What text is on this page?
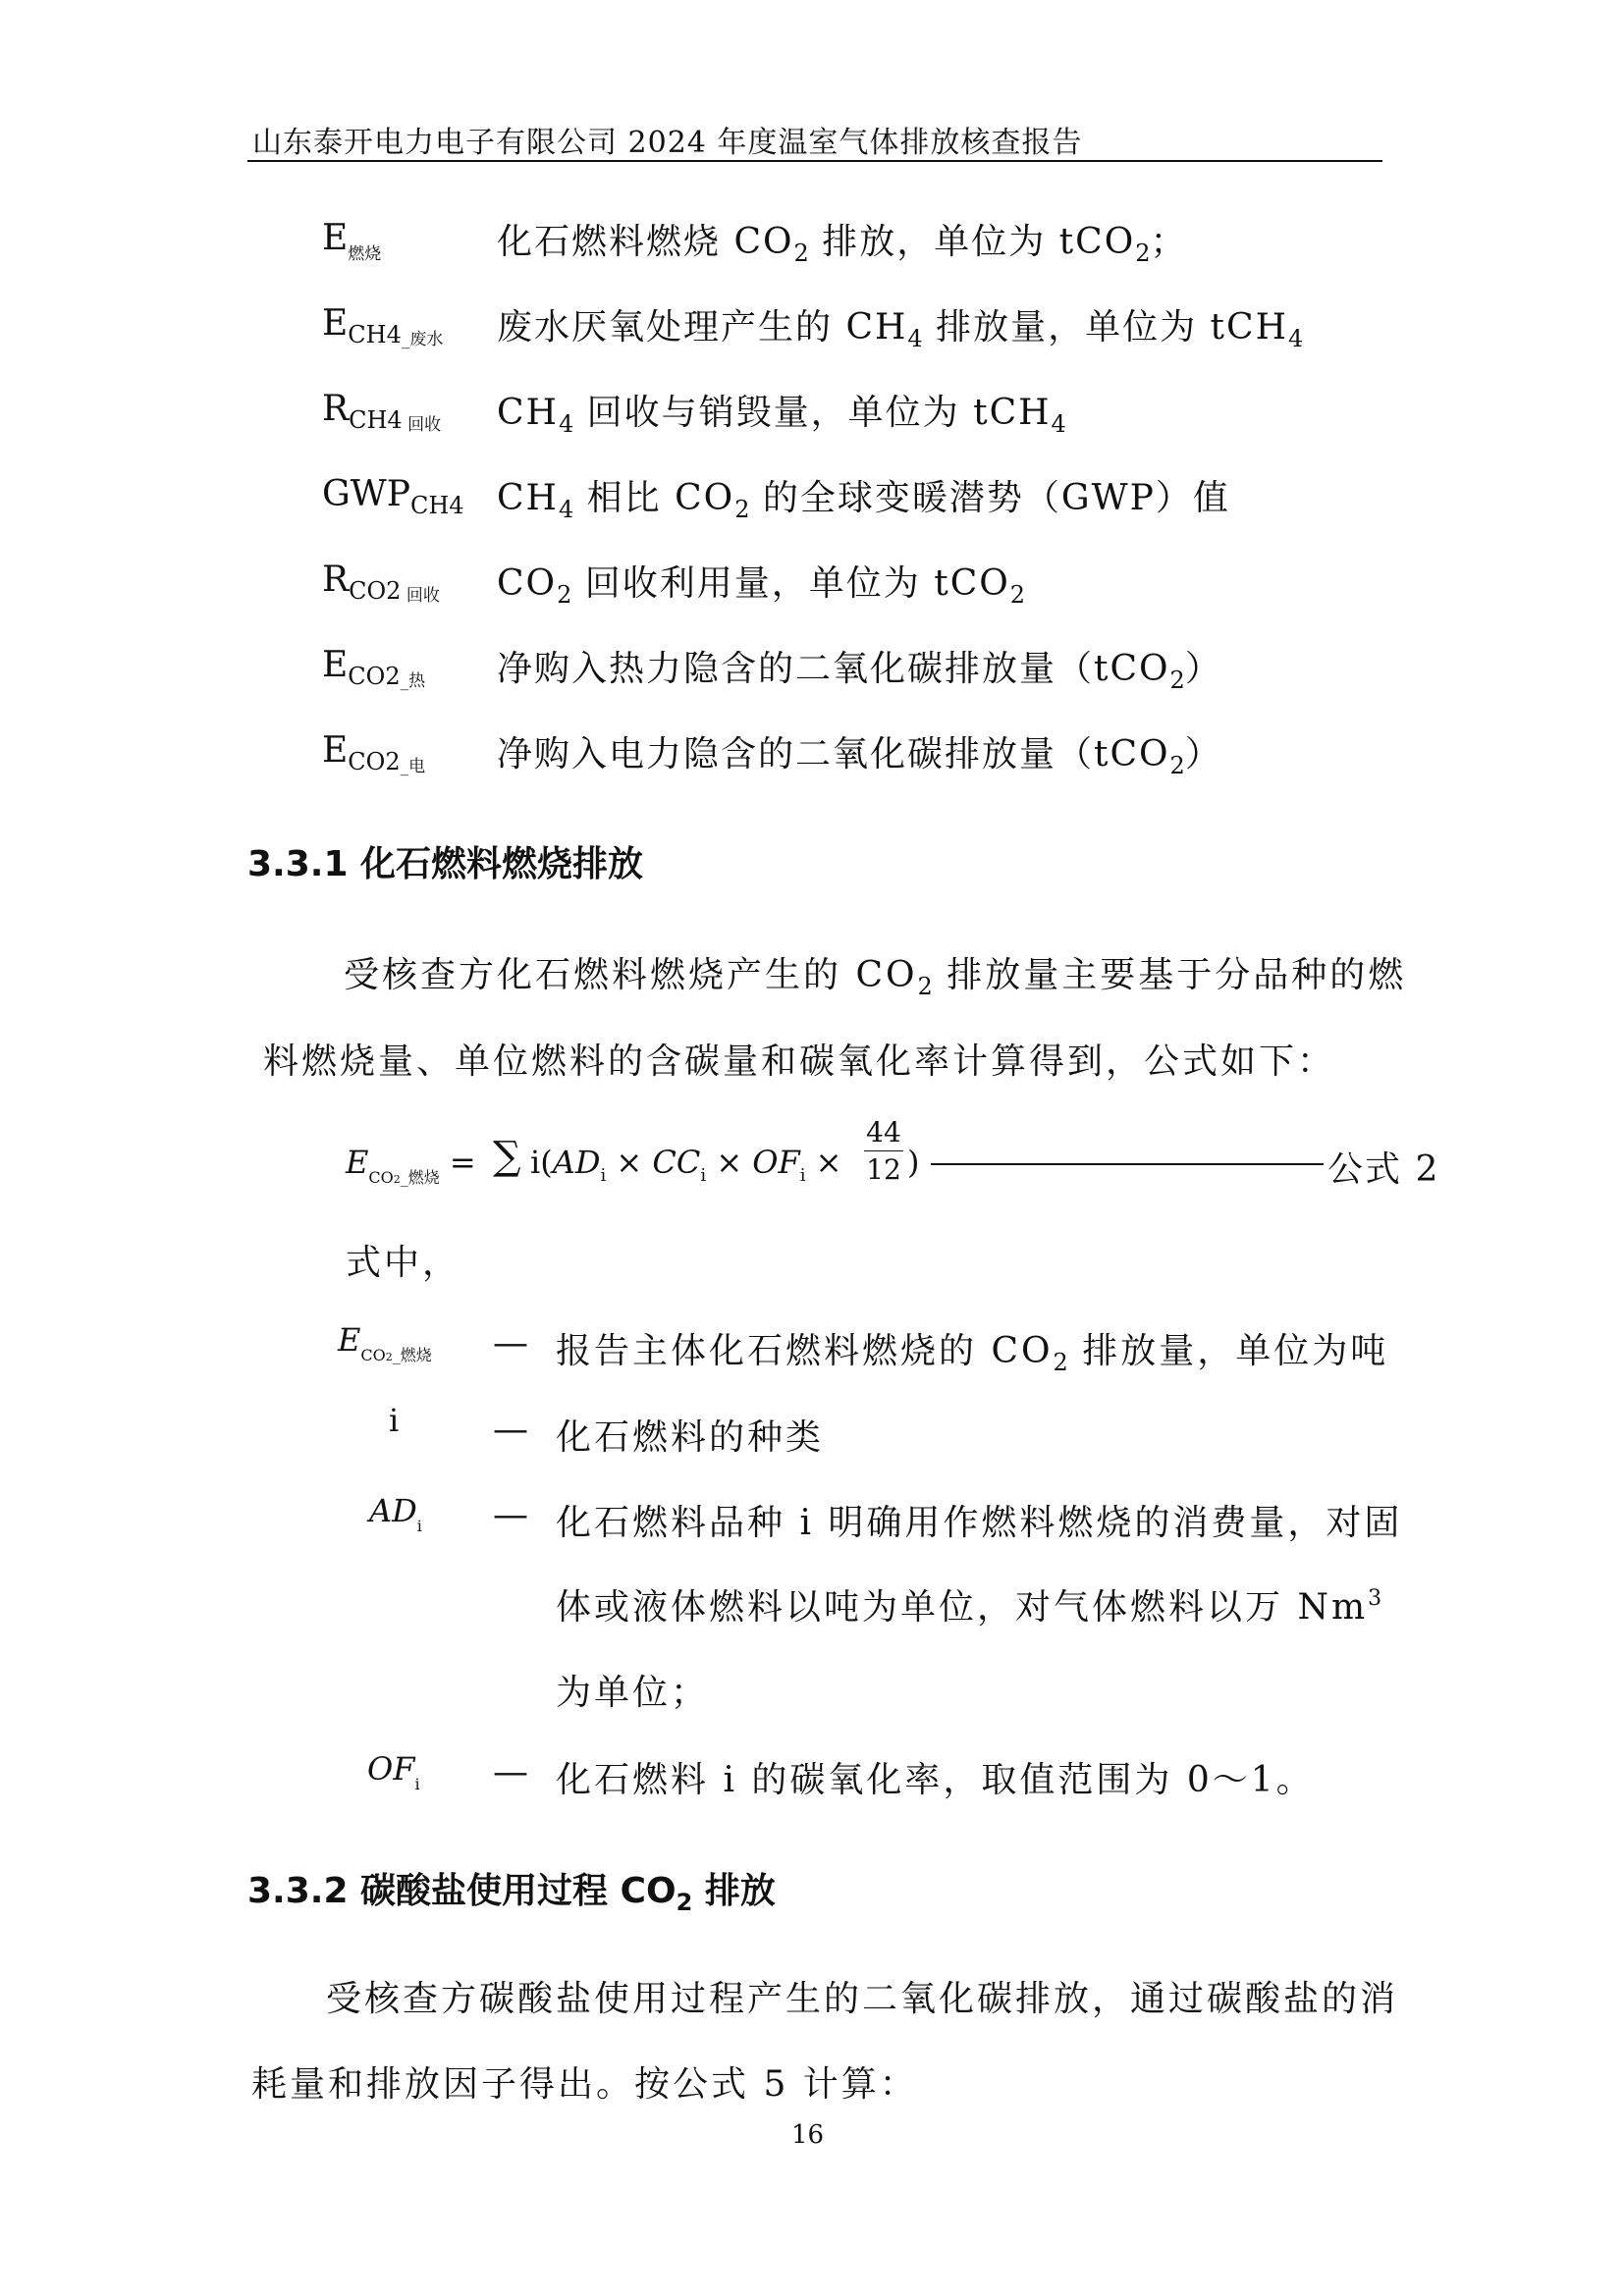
山东泰开电力电子有限公司 2024 年度温室气体排放核查报告
$E_{燃烧}$	化石燃料燃烧 $CO_2$ 排放，单位为 tCO$_2$；
$E_{CH4\_废水}$ 废水厌氧处理产生的 $CH_4$ 排放量，单位为 tCH$_4$
$R_{CH4}$ $_{回收}$ $CH_4$ 回收与销毁量，单位为 tCH$_4$
$GWP_{CH4}$ $CH_4$ 相比 $CO_2$ 的全球变暖潜势（GWP）值
$R_{CO2}$ $_{回收}$ $CO_2$ 回收利用量，单位为 tCO$_2$
$E_{CO2\_热}$ 净购入热力隐含的二氧化碳排放量（tCO$_2$）
$E_{CO2\_电}$ 净购入电力隐含的二氧化碳排放量（tCO$_2$）
3.3.1 化石燃料燃烧排放
受核查方化石燃料燃烧产生的 $CO_2$ 排放量主要基于分品种的燃
料燃烧量、单位燃料的含碳量和碳氧化率计算得到，公式如下：
$E_{CO2\_燃烧}$ = ∑ $i(AD_i \times CC_i \times OF_i$ ×
44
12 )	公式 2
式中，
$E_{CO2\_燃烧}$ — 报告主体化石燃料燃烧的 $CO_2$ 排放量，单位为吨
i	— 化石燃料的种类
$AD_i$ — 化石燃料品种 i 明确用作燃料燃烧的消费量，对固
体或液体燃料以吨为单位，对气体燃料以万 Nm$^3$
为单位；
$OF_i$ — 化石燃料 i 的碳氧化率，取值范围为 0～1。
3.3.2 碳酸盐使用过程 $CO_2$ 排放
受核查方碳酸盐使用过程产生的二氧化碳排放，通过碳酸盐的消
耗量和排放因子得出。按公式 5 计算：
16
